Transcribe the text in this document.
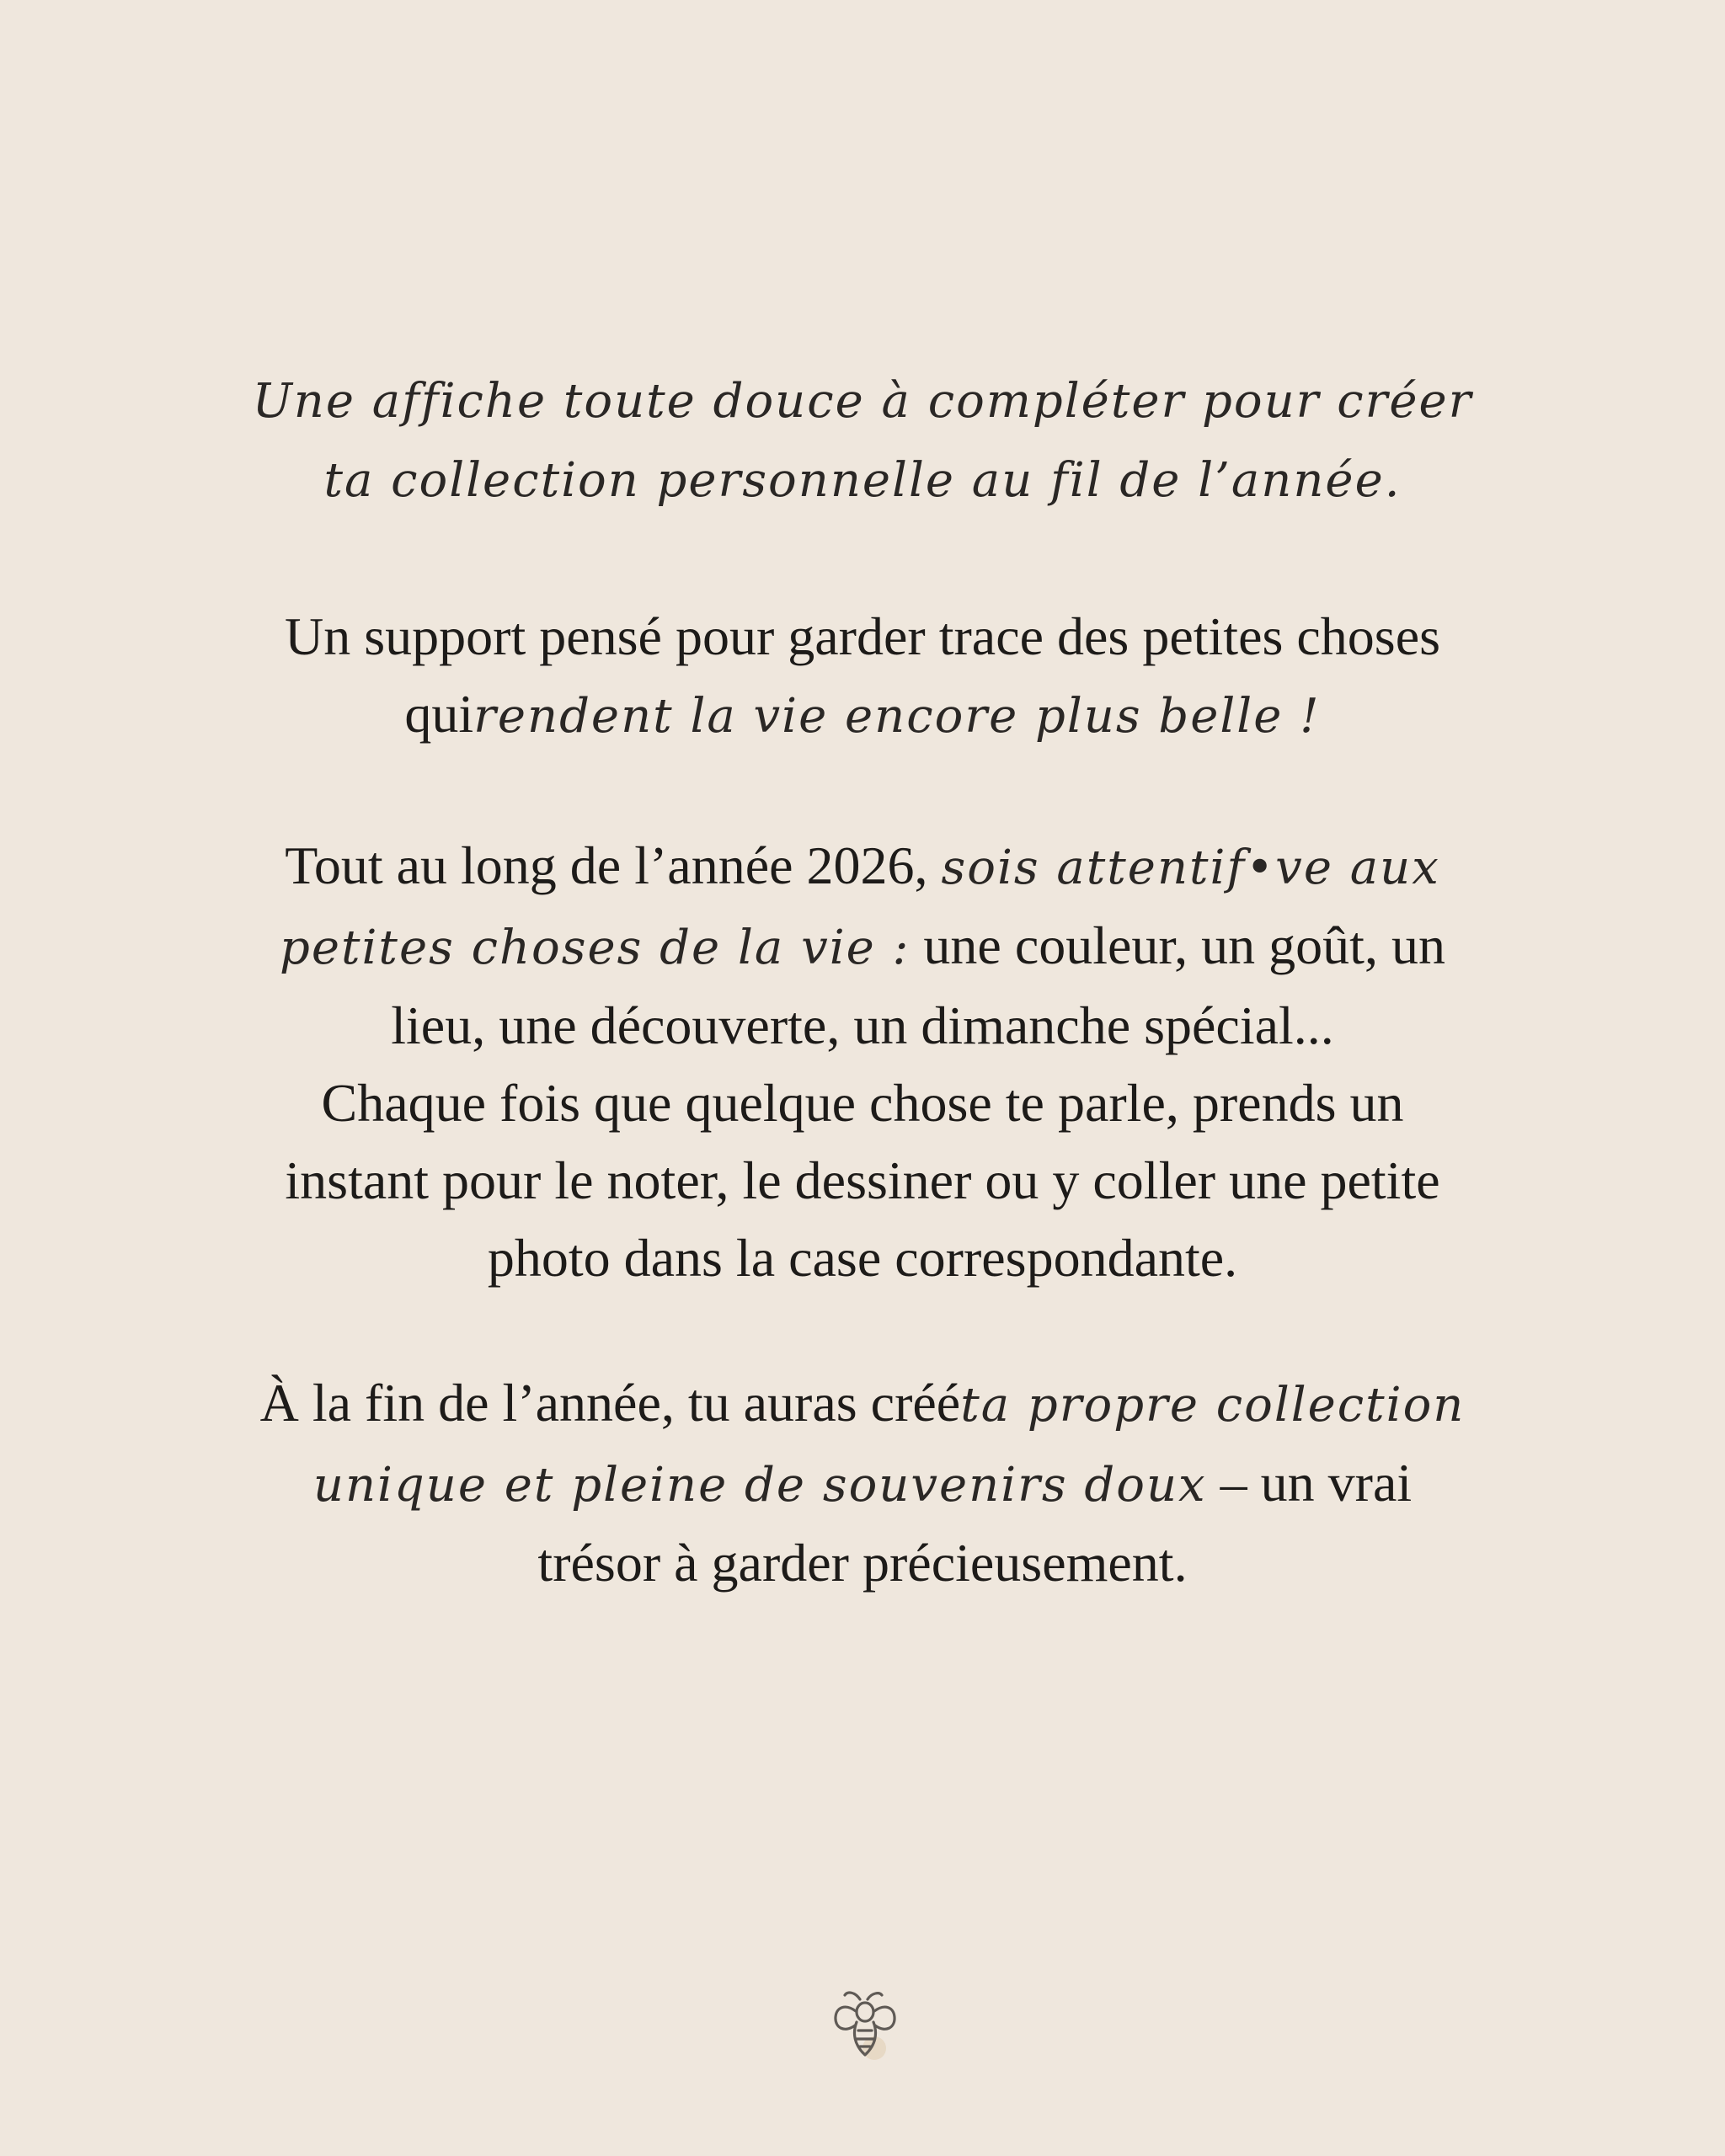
Une affiche toute douce à compléter pour créer
ta collection personnelle au fil de l’année.
Un support pensé pour garder trace des petites choses
quirendent la vie encore plus belle !
Tout au long de l’année 2026, sois attentif•ve aux
petites choses de la vie : une couleur, un goût, un
lieu, une découverte, un dimanche spécial...
Chaque fois que quelque chose te parle, prends un
instant pour le noter, le dessiner ou y coller une petite
photo dans la case correspondante.
À la fin de l’année, tu auras crééta propre collection
unique et pleine de souvenirs doux – un vrai
trésor à garder précieusement.
